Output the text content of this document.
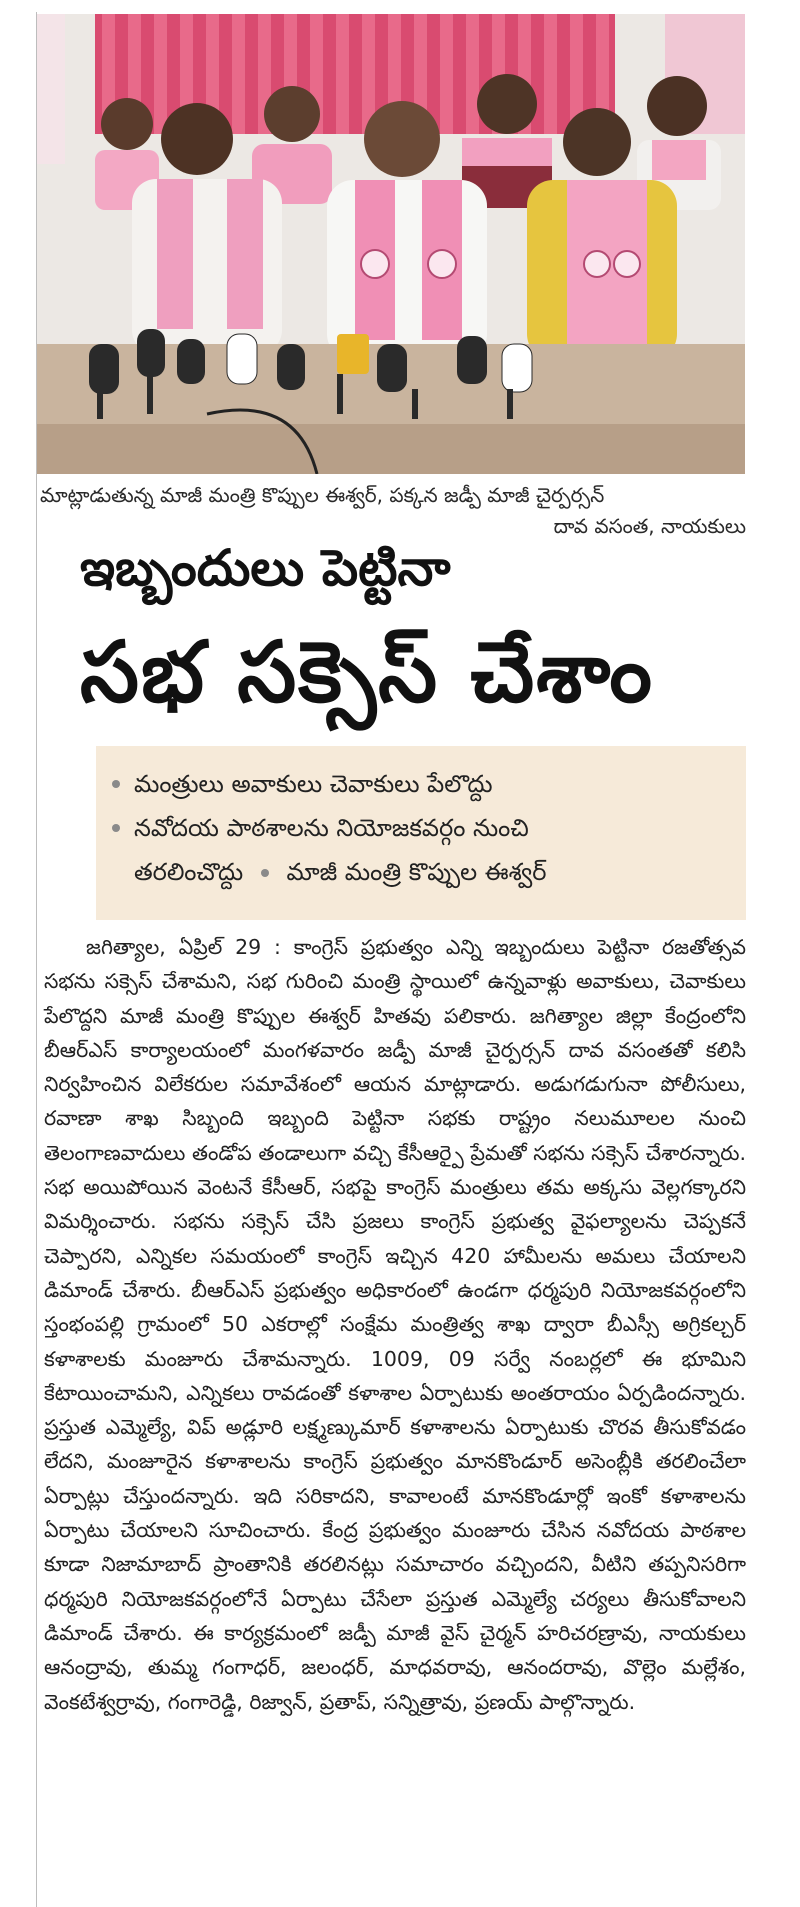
మాట్లాడుతున్న మాజీ మంత్రి కొప్పుల ఈశ్వర్, పక్కన జడ్పీ మాజీ చైర్పర్సన్
దావ వసంత, నాయకులు
ఇబ్బందులు పెట్టినా
సభ సక్సెస్ చేశాం
మంత్రులు అవాకులు చెవాకులు పేలొద్దు
నవోదయ పాఠశాలను నియోజకవర్గం నుంచి
తరలించొద్దు మాజీ మంత్రి కొప్పుల ఈశ్వర్

జగిత్యాల, ఏప్రిల్ 29 : కాంగ్రెస్ ప్రభుత్వం ఎన్ని ఇబ్బందులు పెట్టినా రజతోత్సవ సభను సక్సెస్ చేశామని, సభ గురించి మంత్రి స్థాయిలో ఉన్నవాళ్లు అవాకులు, చెవాకులు పేలొద్దని మాజీ మంత్రి కొప్పుల ఈశ్వర్ హితవు పలికారు. జగిత్యాల జిల్లా కేంద్రంలోని బీఆర్ఎస్ కార్యాలయంలో మంగళవారం జడ్పీ మాజీ చైర్పర్సన్ దావ వసంతతో కలిసి నిర్వహించిన విలేకరుల సమావేశంలో ఆయన మాట్లాడారు. అడుగడుగునా పోలీసులు, రవాణా శాఖ సిబ్బంది ఇబ్బంది పెట్టినా సభకు రాష్ట్రం నలుమూలల నుంచి తెలంగాణవాదులు తండోప తండాలుగా వచ్చి కేసీఆర్పై ప్రేమతో సభను సక్సెస్ చేశారన్నారు. సభ అయిపోయిన వెంటనే కేసీఆర్, సభపై కాంగ్రెస్ మంత్రులు తమ అక్కసు వెల్లగక్కారని విమర్శించారు. సభను సక్సెస్ చేసి ప్రజలు కాంగ్రెస్ ప్రభుత్వ వైఫల్యాలను చెప్పకనే చెప్పారని, ఎన్నికల సమయంలో కాంగ్రెస్ ఇచ్చిన 420 హామీలను అమలు చేయాలని డిమాండ్ చేశారు. బీఆర్ఎస్ ప్రభుత్వం అధికారంలో ఉండగా ధర్మపురి నియోజకవర్గంలోని స్తంభంపల్లి గ్రామంలో 50 ఎకరాల్లో సంక్షేమ మంత్రిత్వ శాఖ ద్వారా బీఎస్సీ అగ్రికల్చర్ కళాశాలకు మంజూరు చేశామన్నారు. 1009, 09 సర్వే నంబర్లలో ఈ భూమిని కేటాయించామని, ఎన్నికలు రావడంతో కళాశాల ఏర్పాటుకు అంతరాయం ఏర్పడిందన్నారు. ప్రస్తుత ఎమ్మెల్యే, విప్ అడ్లూరి లక్ష్మణ్కుమార్ కళాశాలను ఏర్పాటుకు చొరవ తీసుకోవడం లేదని, మంజూరైన కళాశాలను కాంగ్రెస్ ప్రభుత్వం మానకొండూర్ అసెంబ్లీకి తరలించేలా ఏర్పాట్లు చేస్తుందన్నారు. ఇది సరికాదని, కావాలంటే మానకొండూర్లో ఇంకో కళాశాలను ఏర్పాటు చేయాలని సూచించారు. కేంద్ర ప్రభుత్వం మంజూరు చేసిన నవోదయ పాఠశాల కూడా నిజామాబాద్ ప్రాంతానికి తరలినట్లు సమాచారం వచ్చిందని, వీటిని తప్పనిసరిగా ధర్మపురి నియోజకవర్గంలోనే ఏర్పాటు చేసేలా ప్రస్తుత ఎమ్మెల్యే చర్యలు తీసుకోవాలని డిమాండ్ చేశారు. ఈ కార్యక్రమంలో జడ్పీ మాజీ వైస్ చైర్మన్ హరిచరణ్రావు, నాయకులు ఆనంద్రావు, తుమ్మ గంగాధర్, జలంధర్, మాధవరావు, ఆనందరావు, వొల్లెం మల్లేశం, వెంకటేశ్వర్రావు, గంగారెడ్డి, రిజ్వాన్, ప్రతాప్, సన్నిత్రావు, ప్రణయ్ పాల్గొన్నారు.
